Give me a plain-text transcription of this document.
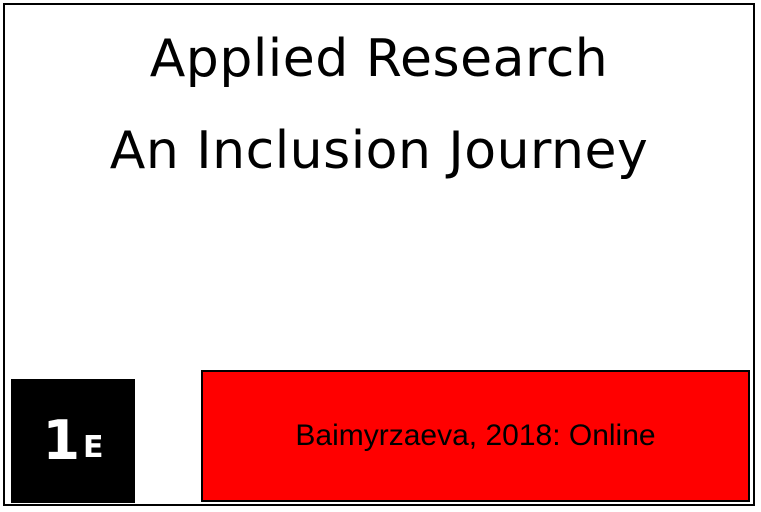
Applied Research
An Inclusion Journey
1 E	Baimyrzaeva, 2018: Online
